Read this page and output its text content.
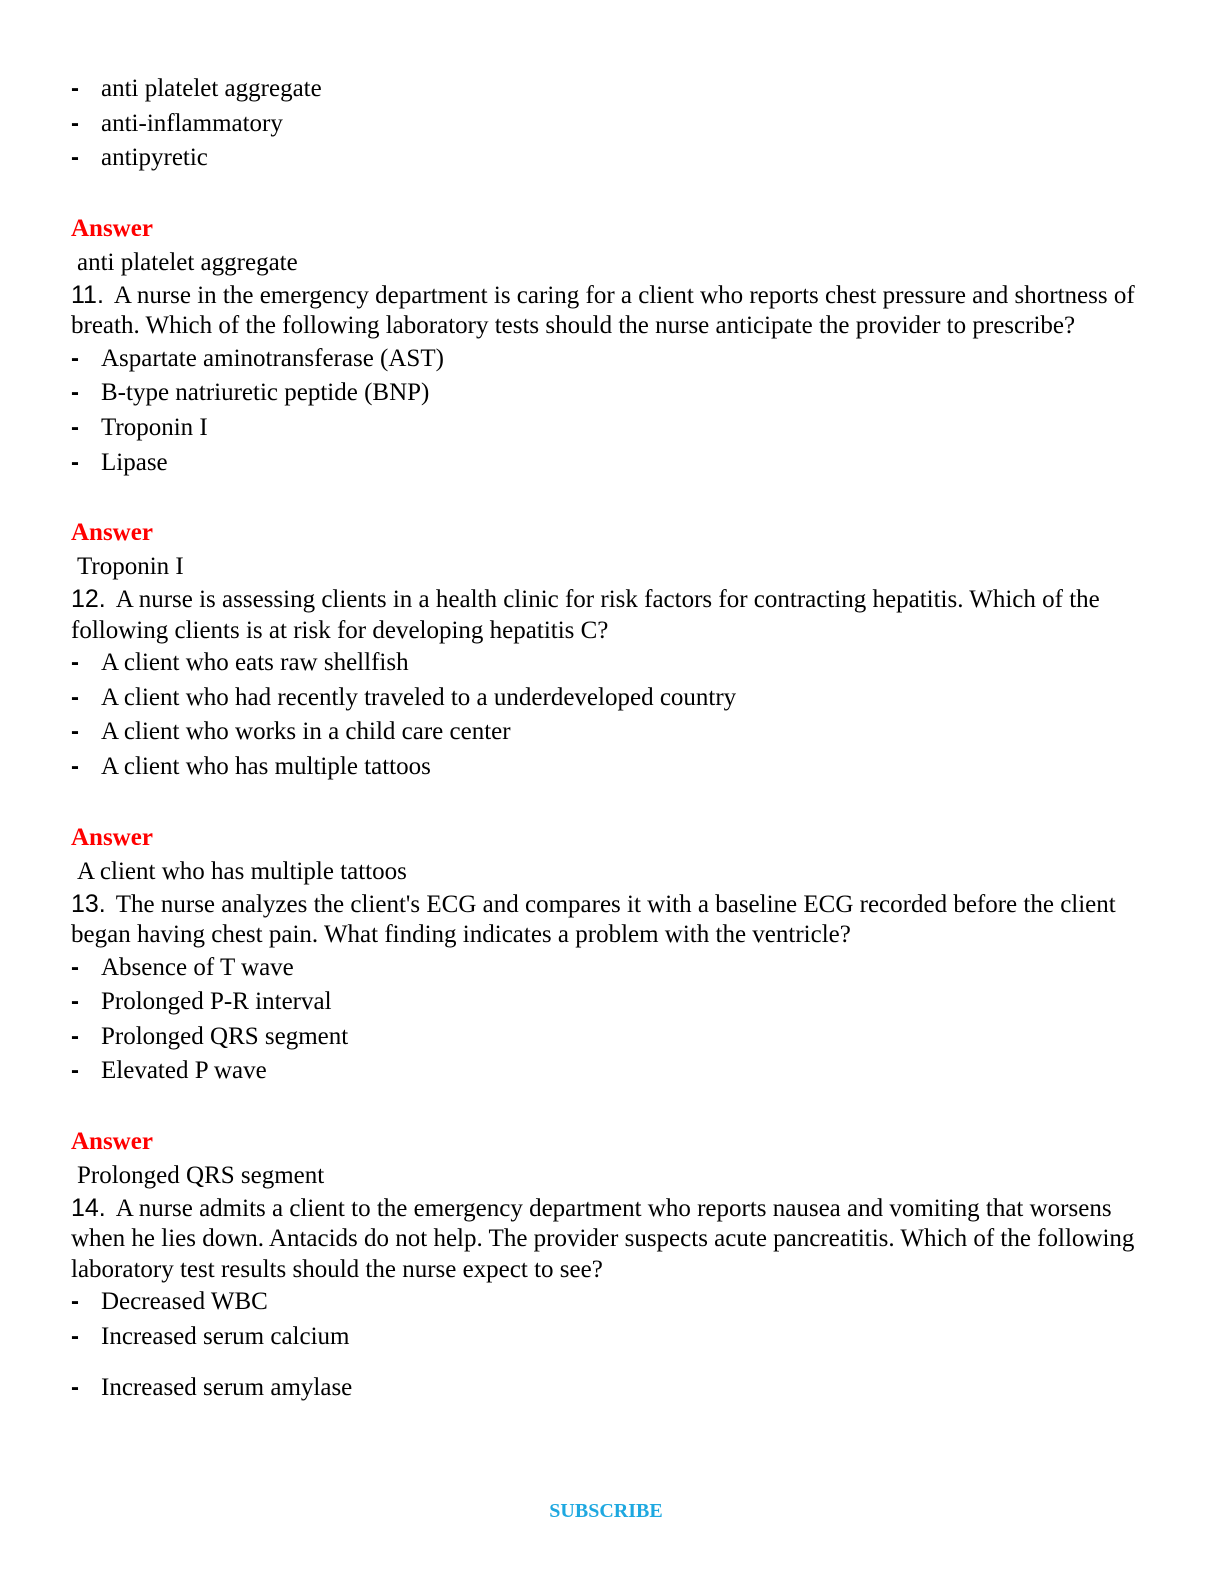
- anti platelet aggregate
- anti-inflammatory
- antipyretic
Answer
anti platelet aggregate
11. A nurse in the emergency department is caring for a client who reports chest pressure and shortness of breath. Which of the following laboratory tests should the nurse anticipate the provider to prescribe?
- Aspartate aminotransferase (AST)
- B-type natriuretic peptide (BNP)
- Troponin I
- Lipase
Answer
Troponin I
12. A nurse is assessing clients in a health clinic for risk factors for contracting hepatitis. Which of the following clients is at risk for developing hepatitis C?
- A client who eats raw shellfish
- A client who had recently traveled to a underdeveloped country
- A client who works in a child care center
- A client who has multiple tattoos
Answer
A client who has multiple tattoos
13. The nurse analyzes the client's ECG and compares it with a baseline ECG recorded before the client began having chest pain. What finding indicates a problem with the ventricle?
- Absence of T wave
- Prolonged P-R interval
- Prolonged QRS segment
- Elevated P wave
Answer
Prolonged QRS segment
14. A nurse admits a client to the emergency department who reports nausea and vomiting that worsens when he lies down. Antacids do not help. The provider suspects acute pancreatitis. Which of the following laboratory test results should the nurse expect to see?
- Decreased WBC
- Increased serum calcium
- Increased serum amylase
SUBSCRIBE
